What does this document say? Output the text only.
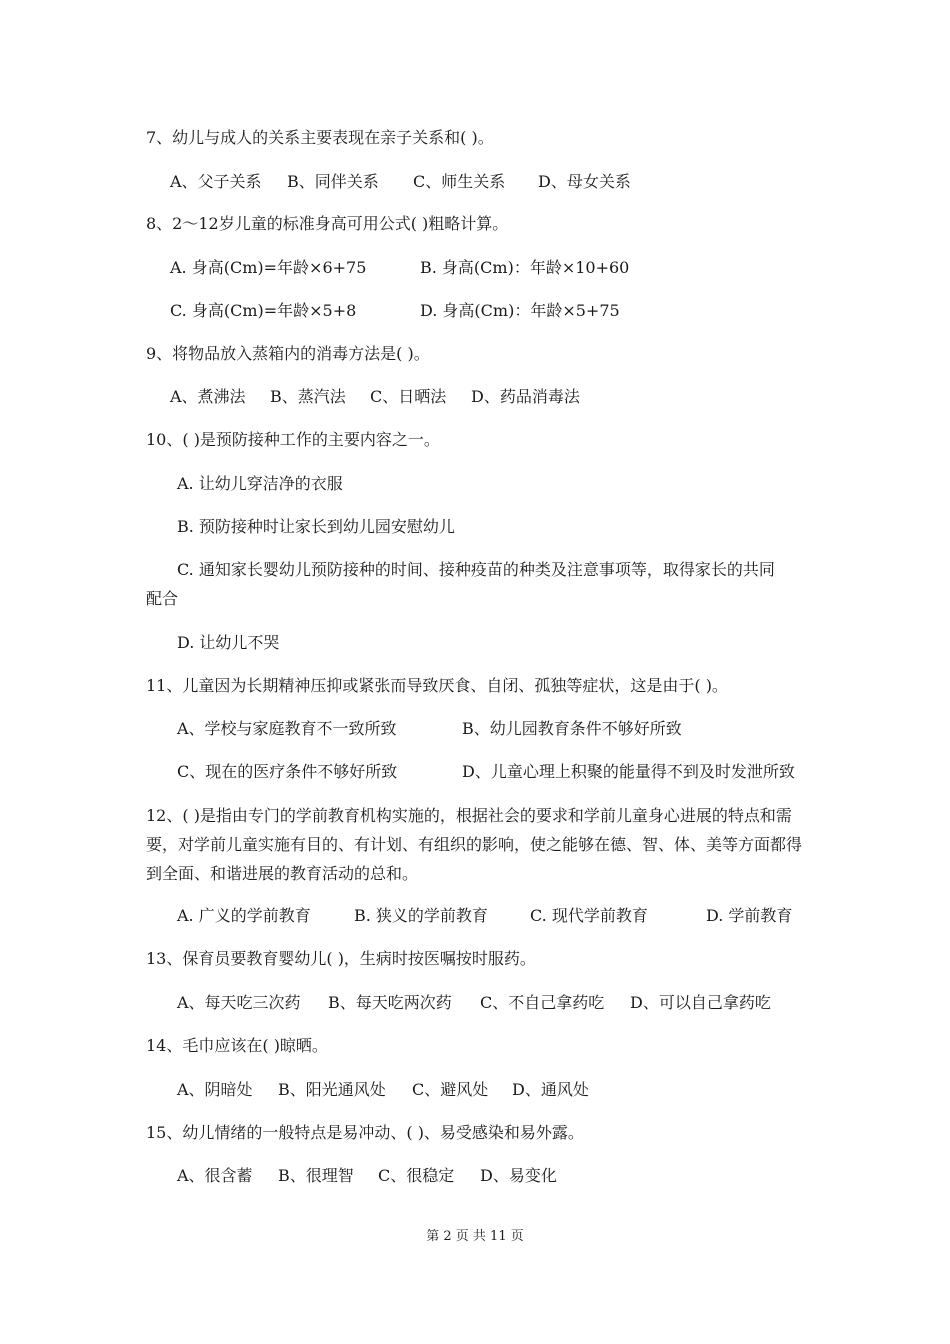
7、幼儿与成人的关系主要表现在亲子关系和( )。
A、父子关系 B、同伴关系 C、师生关系 D、母女关系
8、2～12岁儿童的标准身高可用公式( )粗略计算。
A. 身高(Cm)=年龄×6+75	B. 身高(Cm)：年龄×10+60
C. 身高(Cm)=年龄×5+8	D. 身高(Cm)：年龄×5+75
9、将物品放入蒸箱内的消毒方法是( )。
A、煮沸法 B、蒸汽法 C、日晒法 D、药品消毒法
10、( )是预防接种工作的主要内容之一。
A. 让幼儿穿洁净的衣服
B. 预防接种时让家长到幼儿园安慰幼儿
C. 通知家长婴幼儿预防接种的时间、接种疫苗的种类及注意事项等，取得家长的共同
配合
D. 让幼儿不哭
11、儿童因为长期精神压抑或紧张而导致厌食、自闭、孤独等症状，这是由于( )。
A、学校与家庭教育不一致所致	B、幼儿园教育条件不够好所致
C、现在的医疗条件不够好所致	D、儿童心理上积聚的能量得不到及时发泄所致
12、( )是指由专门的学前教育机构实施的，根据社会的要求和学前儿童身心进展的特点和需要，对学前儿童实施有目的、有计划、有组织的影响，使之能够在德、智、体、美等方面都得到全面、和谐进展的教育活动的总和。
A. 广义的学前教育	B. 狭义的学前教育	C. 现代学前教育	D. 学前教育
13、保育员要教育婴幼儿( )，生病时按医嘱按时服药。
A、每天吃三次药 B、每天吃两次药 C、不自己拿药吃 D、可以自己拿药吃
14、毛巾应该在( )晾晒。
A、阴暗处 B、阳光通风处 C、避风处 D、通风处
15、幼儿情绪的一般特点是易冲动、( )、易受感染和易外露。
A、很含蓄 B、很理智 C、很稳定 D、易变化
第 2 页 共 11 页
